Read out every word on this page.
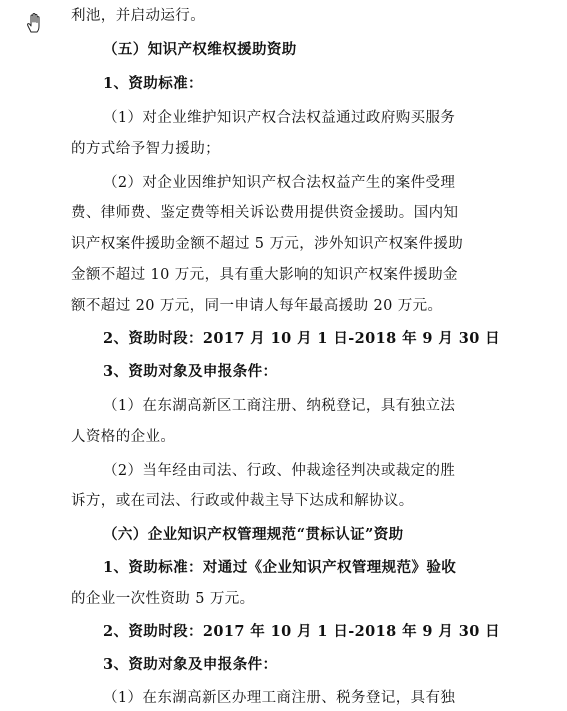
利池，并启动运行。
（五）知识产权维权援助资助
1、资助标准：
（1）对企业维护知识产权合法权益通过政府购买服务
的方式给予智力援助；
（2）对企业因维护知识产权合法权益产生的案件受理
费、律师费、鉴定费等相关诉讼费用提供资金援助。国内知
识产权案件援助金额不超过 5 万元，涉外知识产权案件援助
金额不超过 10 万元，具有重大影响的知识产权案件援助金
额不超过 20 万元，同一申请人每年最高援助 20 万元。
2、资助时段：2017 月 10 月 1 日-2018 年 9 月 30 日
3、资助对象及申报条件：
（1）在东湖高新区工商注册、纳税登记，具有独立法
人资格的企业。
（2）当年经由司法、行政、仲裁途径判决或裁定的胜
诉方，或在司法、行政或仲裁主导下达成和解协议。
（六）企业知识产权管理规范“贯标认证”资助
1、资助标准：对通过《企业知识产权管理规范》验收
的企业一次性资助 5 万元。
2、资助时段：2017 年 10 月 1 日-2018 年 9 月 30 日
3、资助对象及申报条件：
（1）在东湖高新区办理工商注册、税务登记，具有独
